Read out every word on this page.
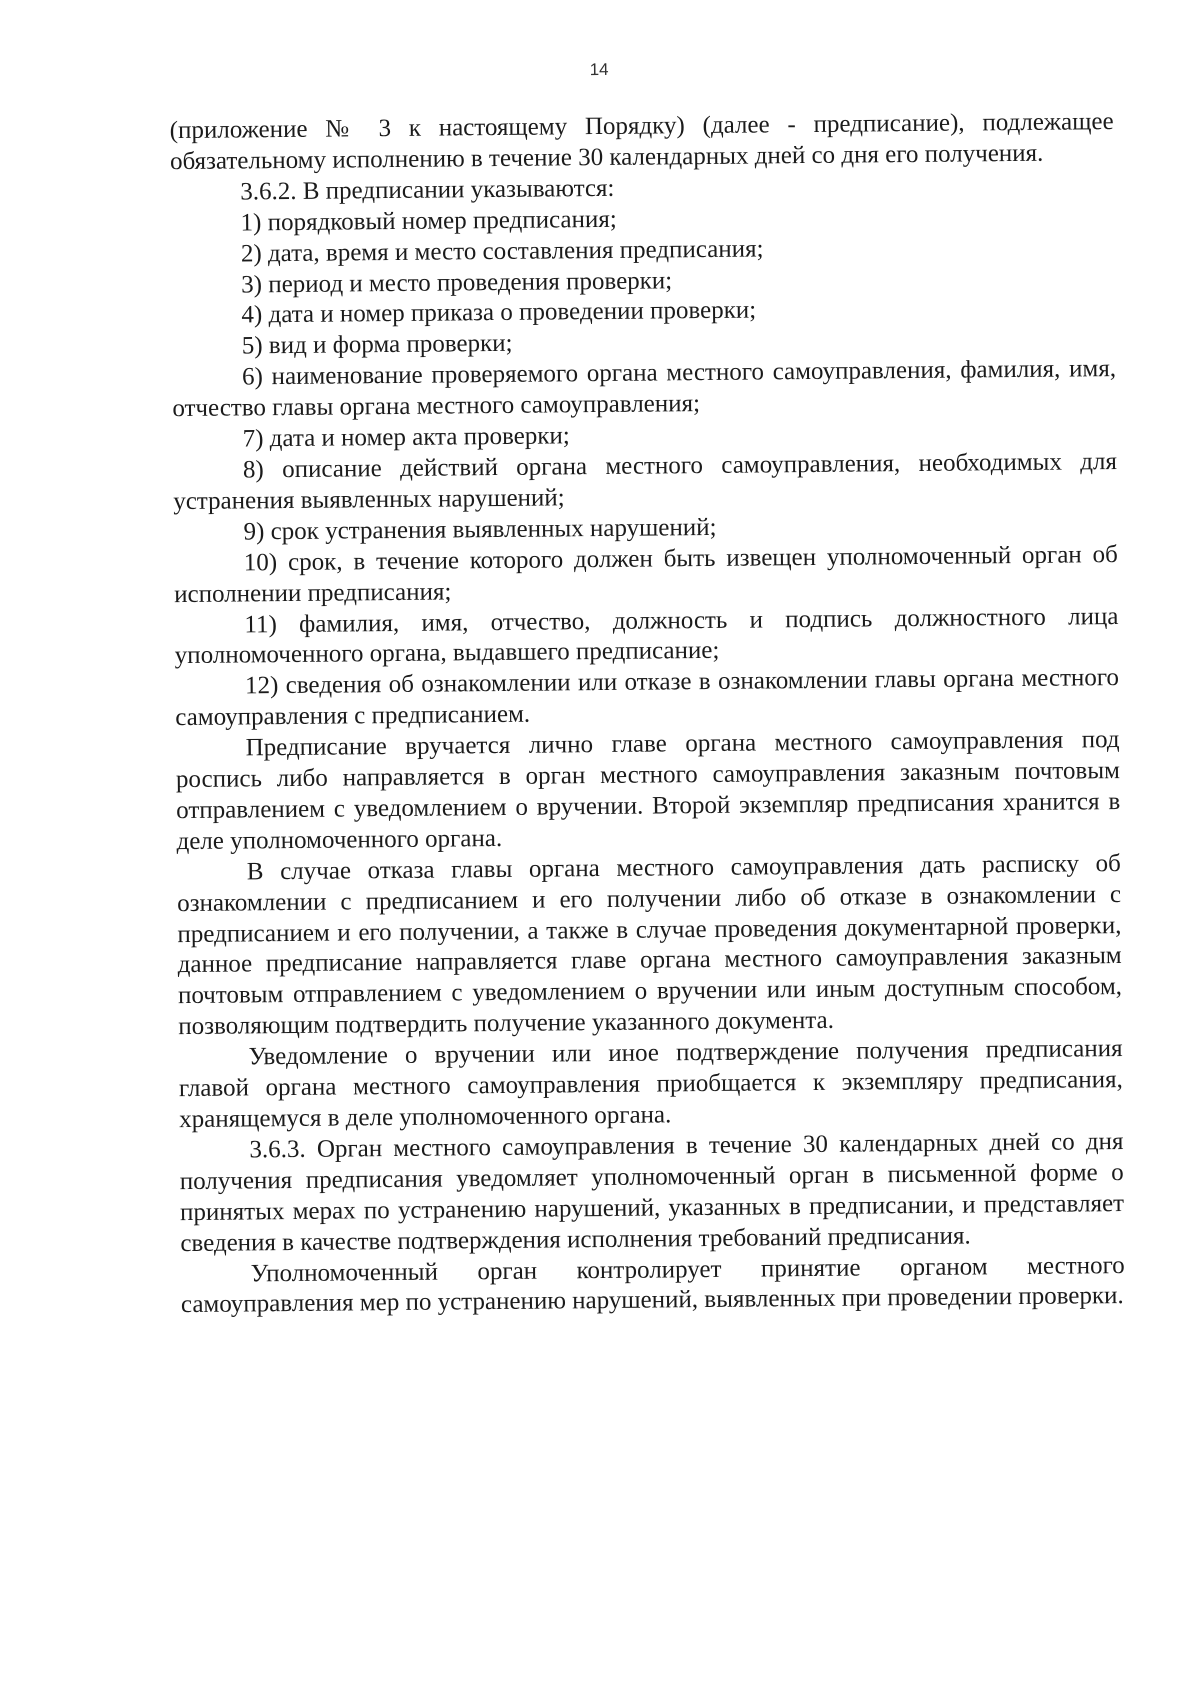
14

(приложение № 3 к настоящему Порядку) (далее - предписание), подлежащее обязательному исполнению в течение 30 календарных дней со дня его получения.

3.6.2. В предписании указываются:

1) порядковый номер предписания;

2) дата, время и место составления предписания;

3) период и место проведения проверки;

4) дата и номер приказа о проведении проверки;

5) вид и форма проверки;

6) наименование проверяемого органа местного самоуправления, фамилия, имя, отчество главы органа местного самоуправления;

7) дата и номер акта проверки;

8) описание действий органа местного самоуправления, необходимых для устранения выявленных нарушений;

9) срок устранения выявленных нарушений;

10) срок, в течение которого должен быть извещен уполномоченный орган об исполнении предписания;

11) фамилия, имя, отчество, должность и подпись должностного лица уполномоченного органа, выдавшего предписание;

12) сведения об ознакомлении или отказе в ознакомлении главы органа местного самоуправления с предписанием.

Предписание вручается лично главе органа местного самоуправления под роспись либо направляется в орган местного самоуправления заказным почтовым отправлением с уведомлением о вручении. Второй экземпляр предписания хранится в деле уполномоченного органа.

В случае отказа главы органа местного самоуправления дать расписку об ознакомлении с предписанием и его получении либо об отказе в ознакомлении с предписанием и его получении, а также в случае проведения документарной проверки, данное предписание направляется главе органа местного самоуправления заказным почтовым отправлением с уведомлением о вручении или иным доступным способом, позволяющим подтвердить получение указанного документа.

Уведомление о вручении или иное подтверждение получения предписания главой органа местного самоуправления приобщается к экземпляру предписания, хранящемуся в деле уполномоченного органа.

3.6.3. Орган местного самоуправления в течение 30 календарных дней со дня получения предписания уведомляет уполномоченный орган в письменной форме о принятых мерах по устранению нарушений, указанных в предписании, и представляет сведения в качестве подтверждения исполнения требований предписания.

Уполномоченный орган контролирует принятие органом местного самоуправления мер по устранению нарушений, выявленных при проведении проверки.
